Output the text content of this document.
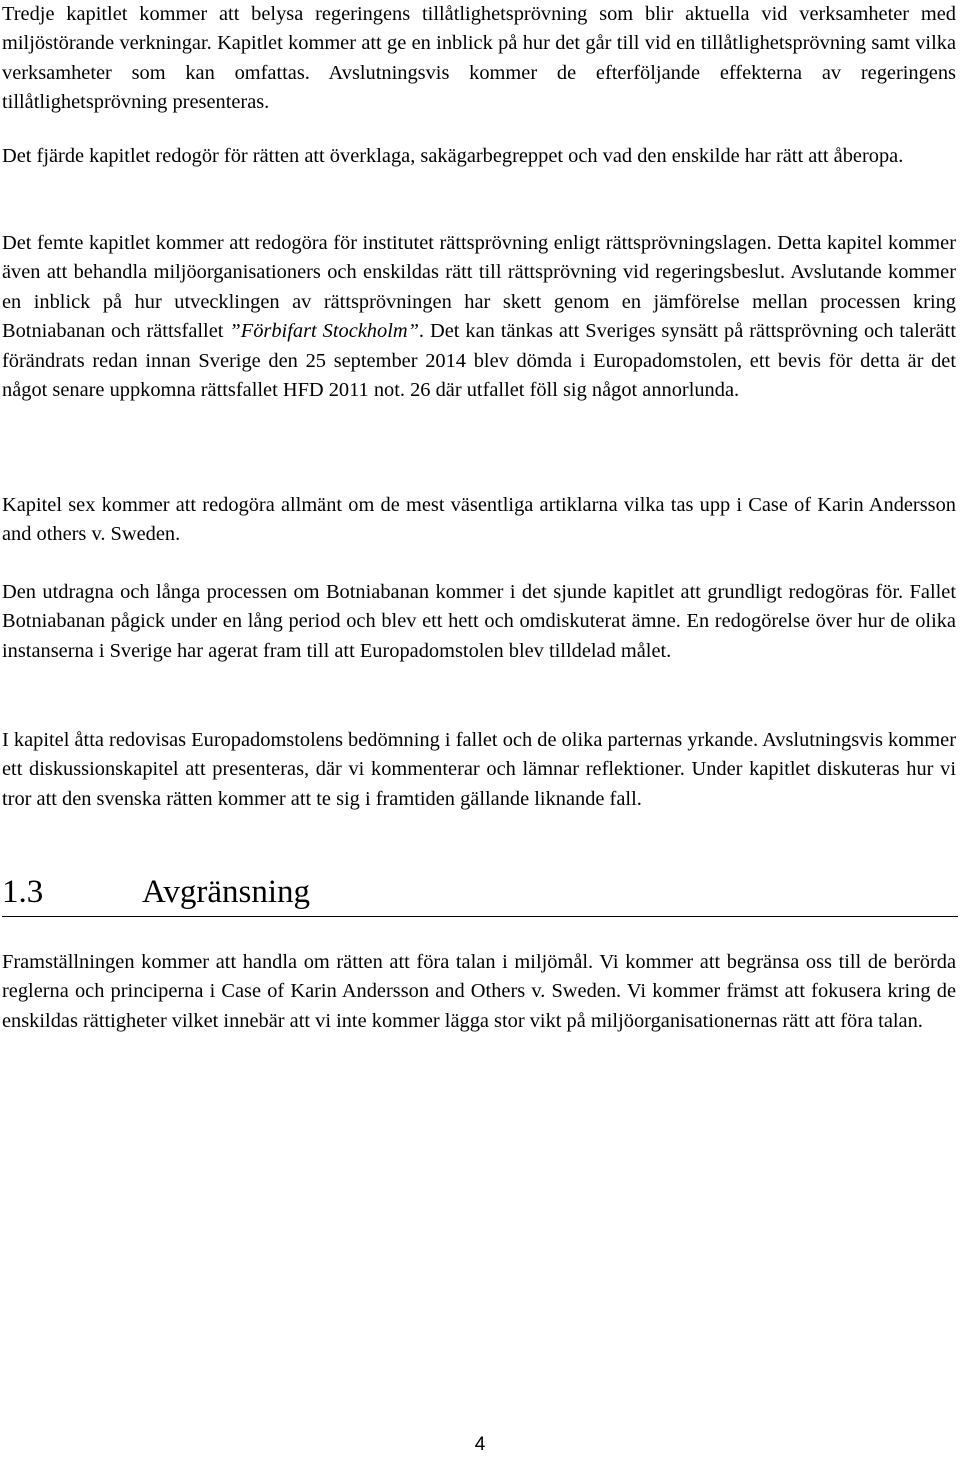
Tredje kapitlet kommer att belysa regeringens tillåtlighetsprövning som blir aktuella vid verksamheter med miljöstörande verkningar. Kapitlet kommer att ge en inblick på hur det går till vid en tillåtlighetsprövning samt vilka verksamheter som kan omfattas. Avslutningsvis kommer de efterföljande effekterna av regeringens tillåtlighetsprövning presenteras.

Det fjärde kapitlet redogör för rätten att överklaga, sakägarbegreppet och vad den enskilde har rätt att åberopa.

Det femte kapitlet kommer att redogöra för institutet rättsprövning enligt rättsprövningslagen. Detta kapitel kommer även att behandla miljöorganisationers och enskildas rätt till rättsprövning vid regeringsbeslut. Avslutande kommer en inblick på hur utvecklingen av rättsprövningen har skett genom en jämförelse mellan processen kring Botniabanan och rättsfallet ”Förbifart Stockholm”. Det kan tänkas att Sveriges synsätt på rättsprövning och talerätt förändrats redan innan Sverige den 25 september 2014 blev dömda i Europadomstolen, ett bevis för detta är det något senare uppkomna rättsfallet HFD 2011 not. 26 där utfallet föll sig något annorlunda.

Kapitel sex kommer att redogöra allmänt om de mest väsentliga artiklarna vilka tas upp i Case of Karin Andersson and others v. Sweden.

Den utdragna och långa processen om Botniabanan kommer i det sjunde kapitlet att grundligt redogöras för. Fallet Botniabanan pågick under en lång period och blev ett hett och omdiskuterat ämne. En redogörelse över hur de olika instanserna i Sverige har agerat fram till att Europadomstolen blev tilldelad målet.

I kapitel åtta redovisas Europadomstolens bedömning i fallet och de olika parternas yrkande. Avslutningsvis kommer ett diskussionskapitel att presenteras, där vi kommenterar och lämnar reflektioner. Under kapitlet diskuteras hur vi tror att den svenska rätten kommer att te sig i framtiden gällande liknande fall.

1.3	Avgränsning

Framställningen kommer att handla om rätten att föra talan i miljömål. Vi kommer att begränsa oss till de berörda reglerna och principerna i Case of Karin Andersson and Others v. Sweden. Vi kommer främst att fokusera kring de enskildas rättigheter vilket innebär att vi inte kommer lägga stor vikt på miljöorganisationernas rätt att föra talan.

4
